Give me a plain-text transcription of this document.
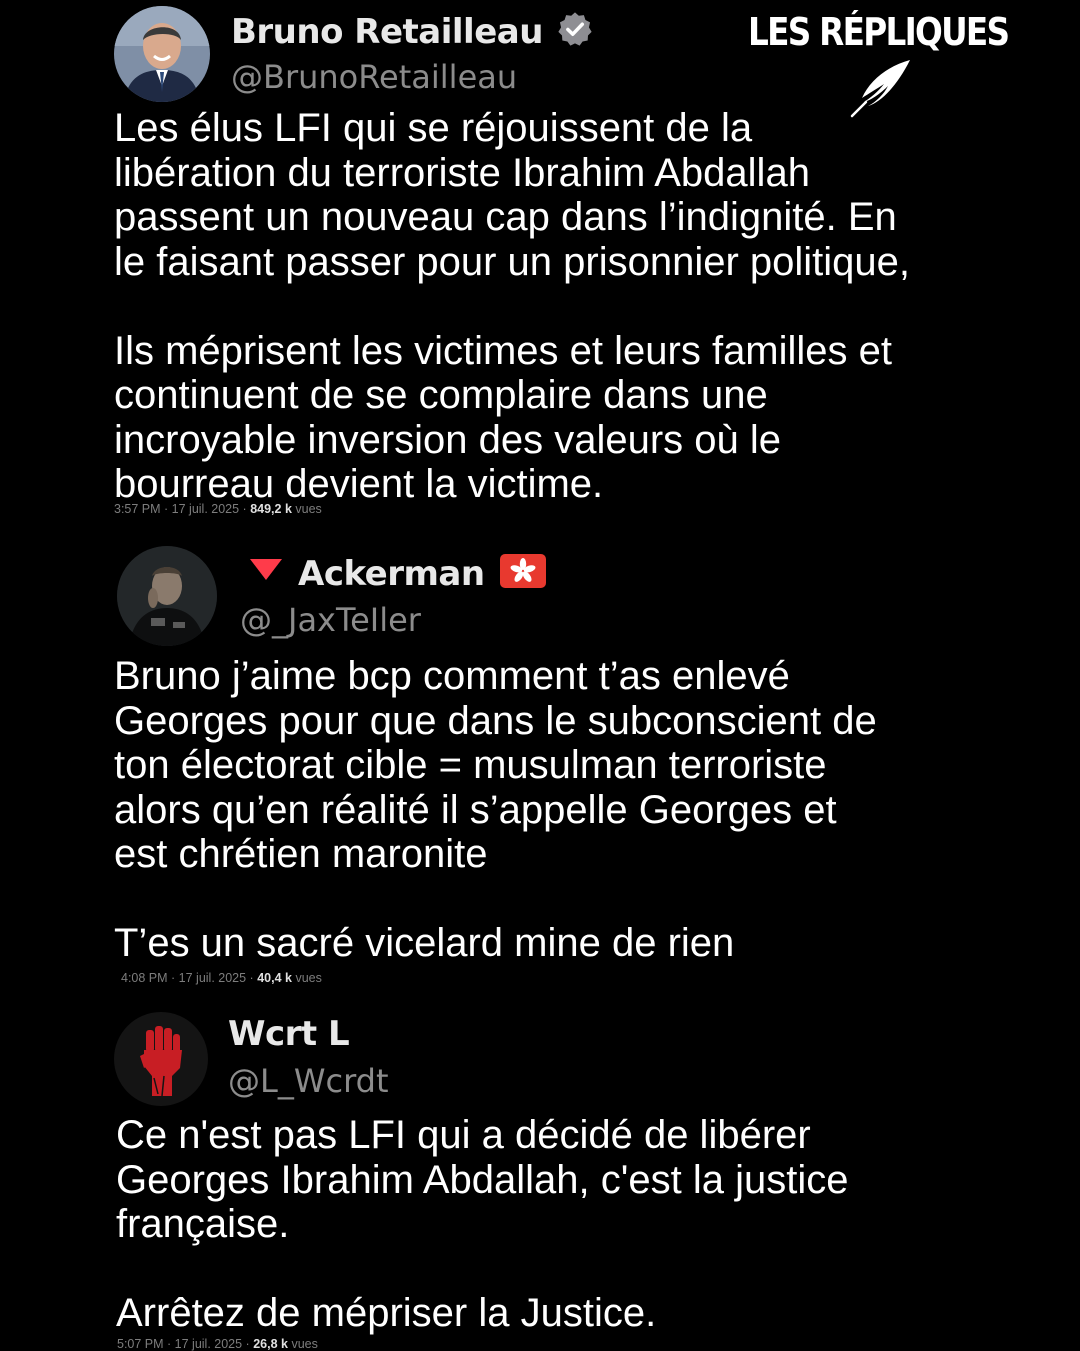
LES RÉPLIQUES
Bruno Retailleau
@BrunoRetailleau
Les élus LFI qui se réjouissent de la
libération du terroriste Ibrahim Abdallah
passent un nouveau cap dans l’indignité. En
le faisant passer pour un prisonnier politique,

Ils méprisent les victimes et leurs familles et
continuent de se complaire dans une
incroyable inversion des valeurs où le
bourreau devient la victime.
3:57 PM · 17 juil. 2025 · 849,2 k vues
Ackerman
@_JaxTeIler
Bruno j’aime bcp comment t’as enlevé
Georges pour que dans le subconscient de
ton électorat cible = musulman terroriste
alors qu’en réalité il s’appelle Georges et
est chrétien maronite

T’es un sacré vicelard mine de rien
4:08 PM · 17 juil. 2025 · 40,4 k vues
Wcrt L
@L_Wcrdt
Ce n'est pas LFI qui a décidé de libérer
Georges Ibrahim Abdallah, c'est la justice
française.

Arrêtez de mépriser la Justice.
5:07 PM · 17 juil. 2025 · 26,8 k vues
